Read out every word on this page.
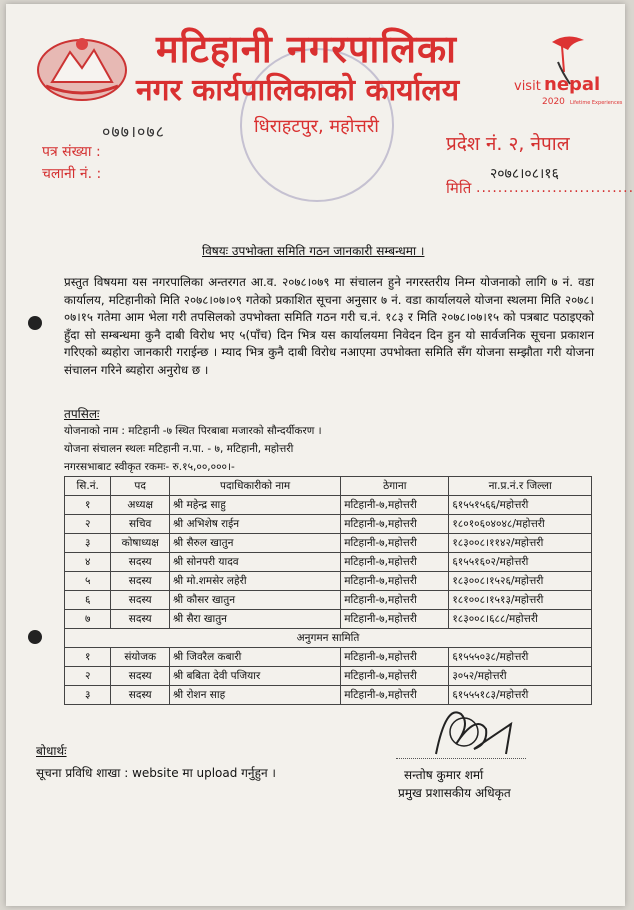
मटिहानी नगरपालिका
नगर कार्यपालिकाको कार्यालय
धिराहटपुर, महोत्तरी
visit nepal
2020 Lifetime Experiences
०७७।०७८
पत्र संख्या :
चलानी नं. :
प्रदेश नं. २, नेपाल
२०७८।०८।१६
मिति .............................
विषयः उपभोक्ता समिति गठन जानकारी सम्बन्धमा ।
प्रस्तुत विषयमा यस नगरपालिका अन्तरगत आ.व. २०७८।०७९ मा संचालन हुने नगरस्तरीय निम्न योजनाको लागि ७ नं. वडा कार्यालय, मटिहानीको मिति २०७८।०७।०९ गतेको प्रकाशित सूचना अनुसार ७ नं. वडा कार्यालयले योजना स्थलमा मिति २०७८।०७।१५ गतेमा आम भेला गरी तपसिलको उपभोक्ता समिति गठन गरी च.नं. १८३ र मिति २०७८।०७।१५ को पत्रबाट पठाइएको हुँदा सो सम्बन्धमा कुनै दाबी विरोध भए ५(पाँच) दिन भित्र यस कार्यालयमा निवेदन दिन हुन यो सार्वजनिक सूचना प्रकाशन गरिएको ब्यहोरा जानकारी गराईन्छ । म्याद भित्र कुनै दाबी विरोध नआएमा उपभोक्ता समिति सँग योजना सम्झौता गरी योजना संचालन गरिने ब्यहोरा अनुरोध छ ।
तपसिलः
योजनाको नाम : मटिहानी -७ स्थित पिरबाबा मजारको सौन्दर्यीकरण ।
योजना संचालन स्थलः मटिहानी न.पा. - ७, मटिहानी, महोत्तरी
नगरसभाबाट स्वीकृत रकमः- रु.१५,००,०००।-
सि.नं.	पद	पदाधिकारीको नाम	ठेगाना	ना.प्र.नं.र जिल्ला
१	अध्यक्ष	श्री महेन्द्र साहु	मटिहानी-७,महोत्तरी	६१५५१५६६/महोत्तरी
२	सचिव	श्री अभिशेष राईन	मटिहानी-७,महोत्तरी	१८०१०६०४०४८/महोत्तरी
३	कोषाध्यक्ष	श्री सैरुल खातुन	मटिहानी-७,महोत्तरी	१८३००८।११४२/महोत्तरी
४	सदस्य	श्री सोनपरी यादव	मटिहानी-७,महोत्तरी	६१५५१६०२/महोत्तरी
५	सदस्य	श्री मो.शमसेर लहेरी	मटिहानी-७,महोत्तरी	१८३००८।१५२६/महोत्तरी
६	सदस्य	श्री कौसर खातुन	मटिहानी-७,महोत्तरी	१८१००८।१५१३/महोत्तरी
७	सदस्य	श्री सैरा खातुन	मटिहानी-७,महोत्तरी	१८३००८।६८८/महोत्तरी
अनुगमन सामिति				
१	संयोजक	श्री जिवरैल कबारी	मटिहानी-७,महोत्तरी	६१५५५०३८/महोत्तरी
२	सदस्य	श्री बबिता देवी पजियार	मटिहानी-७,महोत्तरी	३०५२/महोत्तरी
३	सदस्य	श्री रोशन साह	मटिहानी-७,महोत्तरी	६१५५५१८३/महोत्तरी
बोधार्थः
सूचना प्रविधि शाखा : website मा upload गर्नुहुन ।	सन्तोष कुमार शर्मा
प्रमुख प्रशासकीय अधिकृत
